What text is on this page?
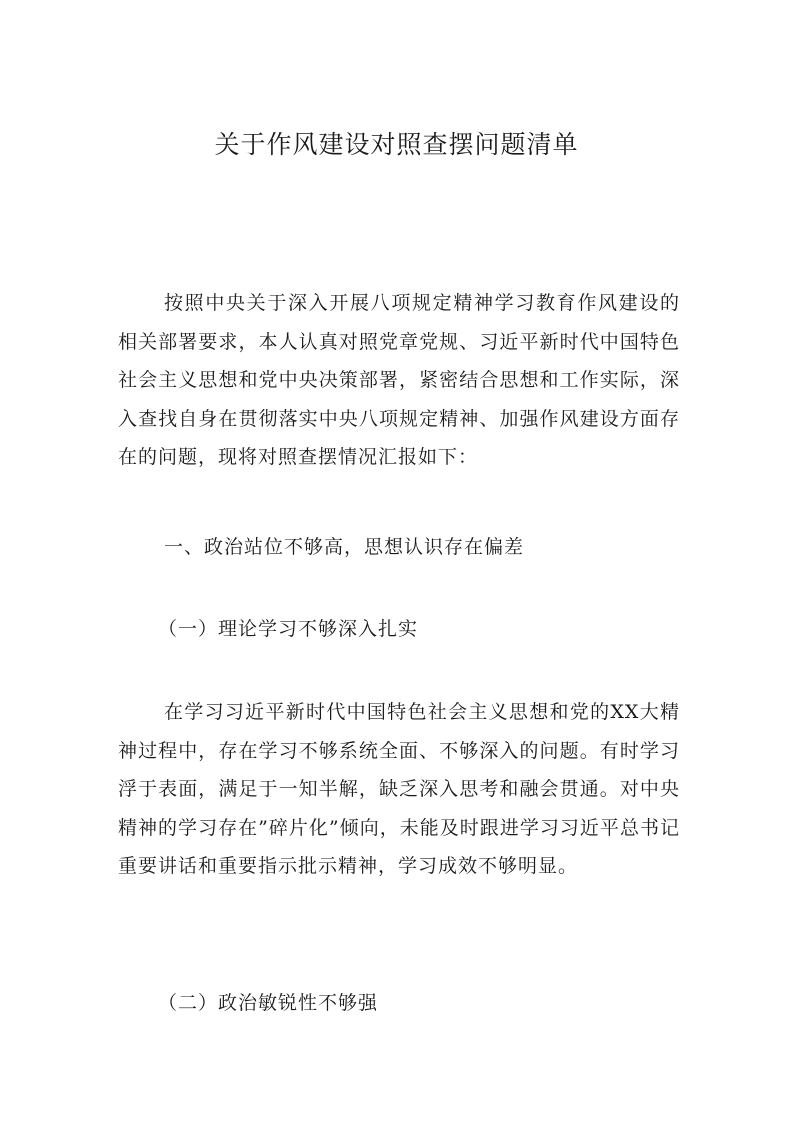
关于作风建设对照查摆问题清单

按照中央关于深入开展八项规定精神学习教育作风建设的相关部署要求，本人认真对照党章党规、习近平新时代中国特色社会主义思想和党中央决策部署，紧密结合思想和工作实际，深入查找自身在贯彻落实中央八项规定精神、加强作风建设方面存在的问题，现将对照查摆情况汇报如下：

一、政治站位不够高，思想认识存在偏差

（一）理论学习不够深入扎实

在学习习近平新时代中国特色社会主义思想和党的XX大精神过程中，存在学习不够系统全面、不够深入的问题。有时学习浮于表面，满足于一知半解，缺乏深入思考和融会贯通。对中央精神的学习存在”碎片化”倾向，未能及时跟进学习习近平总书记重要讲话和重要指示批示精神，学习成效不够明显。

（二）政治敏锐性不够强
